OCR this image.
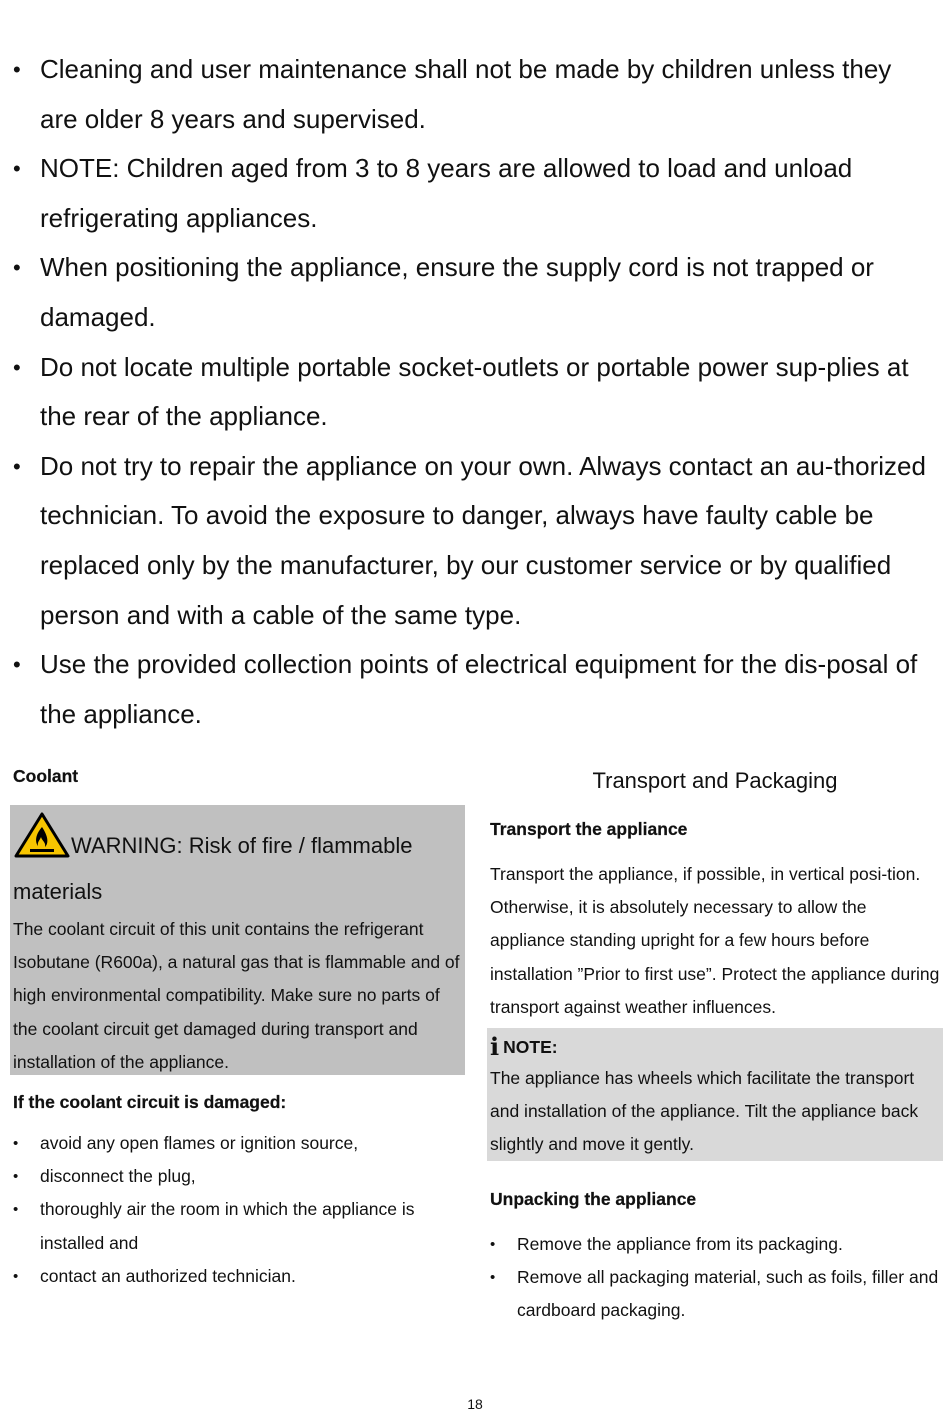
• Cleaning and user maintenance shall not be made by children unless they are older 8 years and supervised.
• NOTE: Children aged from 3 to 8 years are allowed to load and unload refrigerating appliances.
• When positioning the appliance, ensure the supply cord is not trapped or damaged.
• Do not locate multiple portable socket-outlets or portable power sup-plies at the rear of the appliance.
• Do not try to repair the appliance on your own. Always contact an au-thorized technician. To avoid the exposure to danger, always have faulty cable be replaced only by the manufacturer, by our customer service or by qualified person and with a cable of the same type.
• Use the provided collection points of electrical equipment for the dis-posal of the appliance.
Coolant
WARNING: Risk of fire / flammable materials
The coolant circuit of this unit contains the refrigerant Isobutane (R600a), a natural gas that is flammable and of high environmental compatibility. Make sure no parts of the coolant circuit get damaged during transport and installation of the appliance.
If the coolant circuit is damaged:
• avoid any open flames or ignition source,
• disconnect the plug,
• thoroughly air the room in which the appliance is installed and
• contact an authorized technician.
Transport and Packaging
Transport the appliance
Transport the appliance, if possible, in vertical posi-tion. Otherwise, it is absolutely necessary to allow the appliance standing upright for a few hours before installation ”Prior to first use”. Protect the appliance during transport against weather influences.
i NOTE:
The appliance has wheels which facilitate the transport and installation of the appliance. Tilt the appliance back slightly and move it gently.
Unpacking the appliance
• Remove the appliance from its packaging.
• Remove all packaging material, such as foils, filler and cardboard packaging.
18
